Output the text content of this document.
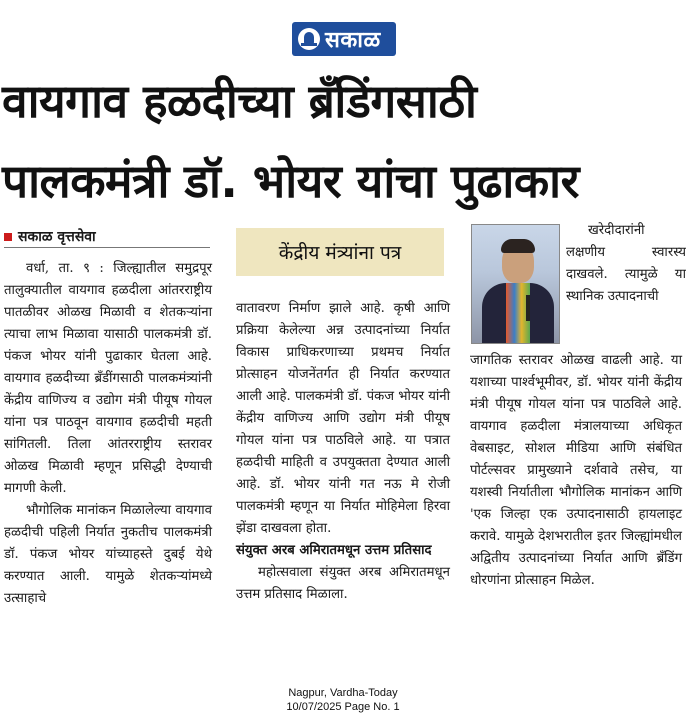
सकाळ
वायगाव हळदीच्या ब्रँडिंगसाठी
पालकमंत्री डॉ. भोयर यांचा पुढाकार
सकाळ वृत्तसेवा

वर्धा, ता. ९ : जिल्ह्यातील समुद्रपूर तालुक्यातील वायगाव हळदीला आंतरराष्ट्रीय पातळीवर ओळख मिळावी व शेतकऱ्यांना त्याचा लाभ मिळावा यासाठी पालकमंत्री डॉ. पंकज भोयर यांनी पुढाकार घेतला आहे. वायगाव हळदीच्या ब्रँडींगसाठी पालकमंत्र्यांनी केंद्रीय वाणिज्य व उद्योग मंत्री पीयूष गोयल यांना पत्र पाठवून वायगाव हळदीची महती सांगितली. तिला आंतरराष्ट्रीय स्तरावर ओळख मिळावी म्हणून प्रसिद्धी देण्याची मागणी केली.

भौगोलिक मानांकन मिळालेल्या वायगाव हळदीची पहिली निर्यात नुकतीच पालकमंत्री डॉ. पंकज भोयर यांच्याहस्ते दुबई येथे करण्यात आली. यामुळे शेतकऱ्यांमध्ये उत्साहाचे

केंद्रीय मंत्र्यांना पत्र

वातावरण निर्माण झाले आहे. कृषी आणि प्रक्रिया केलेल्या अन्न उत्पादनांच्या निर्यात विकास प्राधिकरणाच्या प्रथमच निर्यात प्रोत्साहन योजनेंतर्गत ही निर्यात करण्यात आली आहे. पालकमंत्री डॉ. पंकज भोयर यांनी केंद्रीय वाणिज्य आणि उद्योग मंत्री पीयूष गोयल यांना पत्र पाठविले आहे. या पत्रात हळदीची माहिती व उपयुक्तता देण्यात आली आहे. डॉ. भोयर यांनी गत नऊ मे रोजी पालकमंत्री म्हणून या निर्यात मोहिमेला हिरवा झेंडा दाखवला होता.

संयुक्त अरब अमिरातमधून उत्तम प्रतिसाद

महोत्सवाला संयुक्त अरब अमिरातमधून उत्तम प्रतिसाद मिळाला.

खरेदीदारांनी लक्षणीय स्वारस्य दाखवले. त्यामुळे या स्थानिक उत्पादनाची

जागतिक स्तरावर ओळख वाढली आहे. या यशाच्या पार्श्वभूमीवर, डॉ. भोयर यांनी केंद्रीय मंत्री पीयूष गोयल यांना पत्र पाठविले आहे. वायगाव हळदीला मंत्रालयाच्या अधिकृत वेबसाइट, सोशल मीडिया आणि संबंधित पोर्टल्सवर प्रामुख्याने दर्शवावे तसेच, या यशस्वी निर्यातीला भौगोलिक मानांकन आणि 'एक जिल्हा एक उत्पादनासाठी हायलाइट करावे. यामुळे देशभरातील इतर जिल्ह्यांमधील अद्वितीय उत्पादनांच्या निर्यात आणि ब्रँडिंग धोरणांना प्रोत्साहन मिळेल.

Nagpur, Vardha-Today
10/07/2025 Page No. 1
